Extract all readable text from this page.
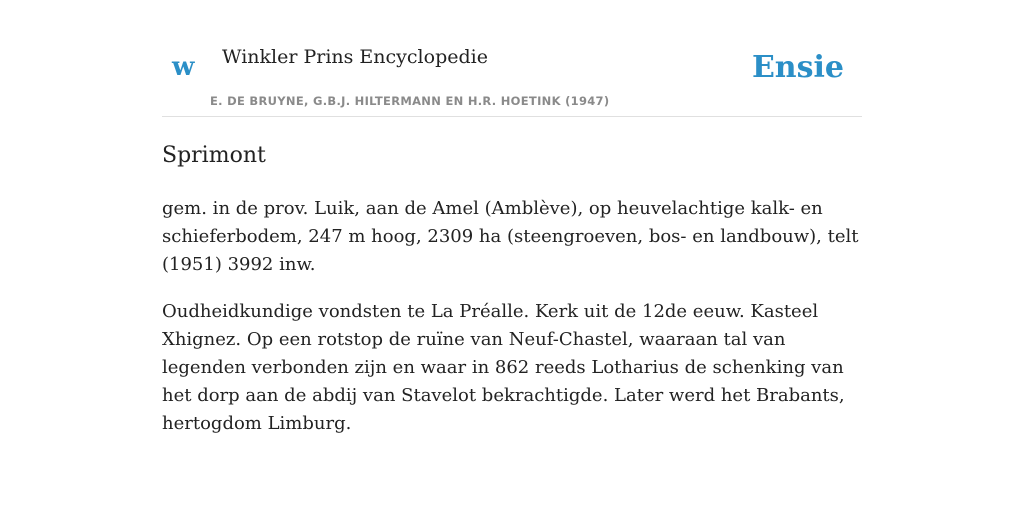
w Winkler Prins Encyclopedie
E. DE BRUYNE, G.B.J. HILTERMANN EN H.R. HOETINK (1947)
Ensie
Sprimont

gem. in de prov. Luik, aan de Amel (Amblève), op heuvelachtige kalk- en schieferbodem, 247 m hoog, 2309 ha (steengroeven, bos- en landbouw), telt (1951) 3992 inw.

Oudheidkundige vondsten te La Préalle. Kerk uit de 12de eeuw. Kasteel Xhignez. Op een rotstop de ruïne van Neuf-Chastel, waaraan tal van legenden verbonden zijn en waar in 862 reeds Lotharius de schenking van het dorp aan de abdij van Stavelot bekrachtigde. Later werd het Brabants, hertogdom Limburg.
